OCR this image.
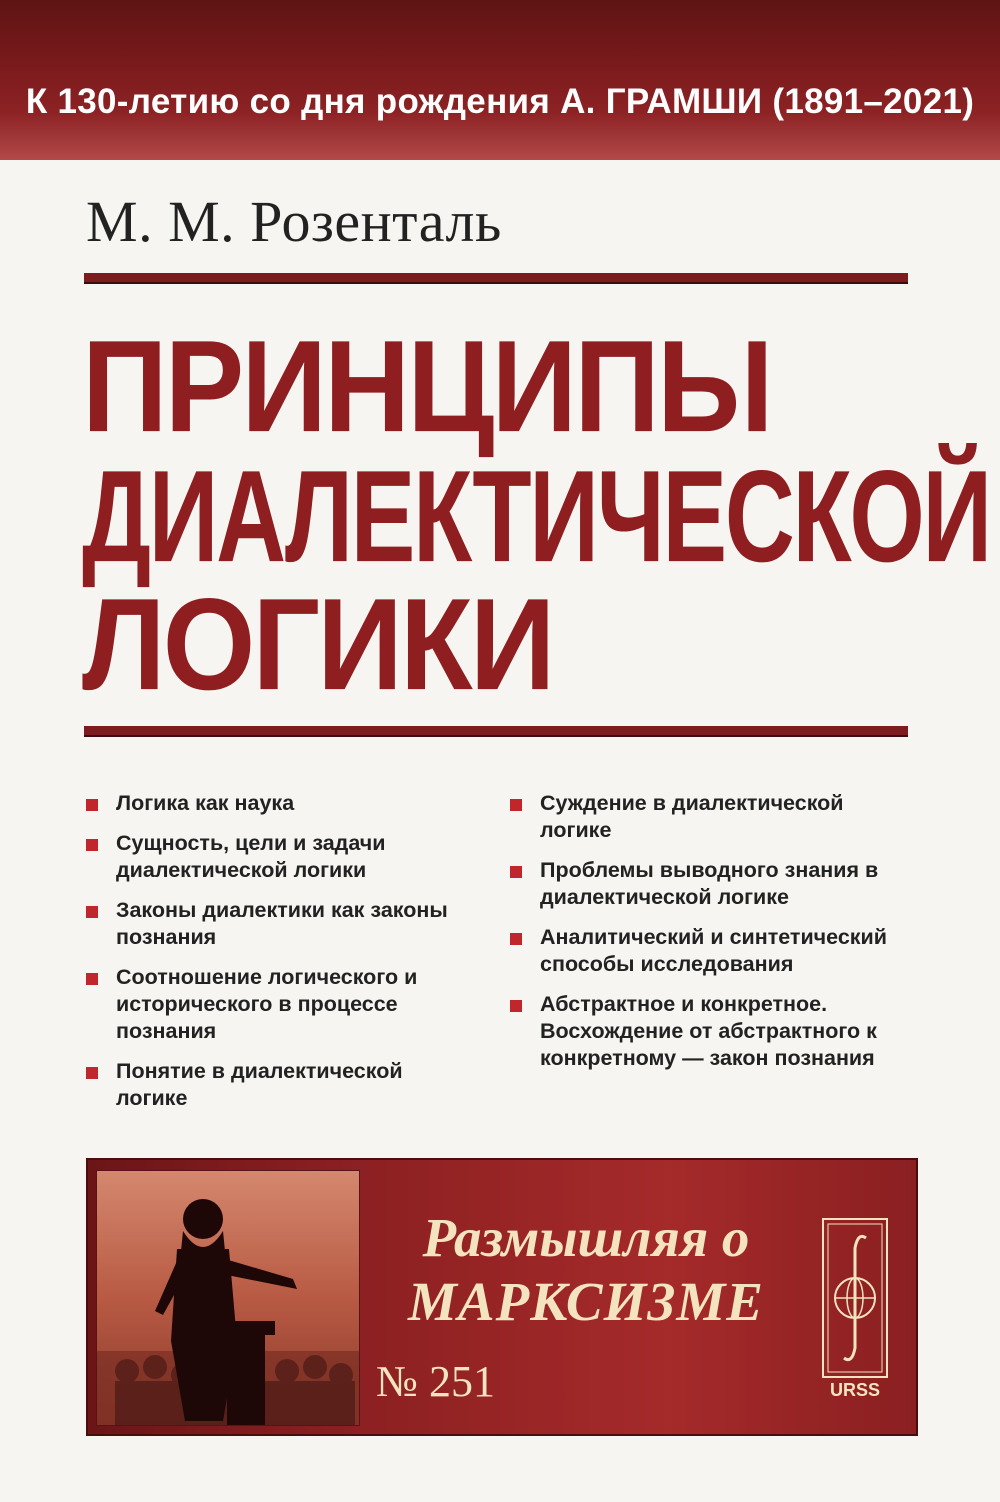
К 130-летию со дня рождения А. ГРАМШИ (1891–2021)
М. М. Розенталь
ПРИНЦИПЫ
ДИАЛЕКТИЧЕСКОЙ
ЛОГИКИ
Логика как наука
Сущность, цели и задачи диалектической логики
Законы диалектики как законы познания
Соотношение логического и исторического в процессе познания
Понятие в диалектической логике
Суждение в диалектической логике
Проблемы выводного знания в диалектической логике
Аналитический и синтетический способы исследования
Абстрактное и конкретное. Восхождение от абстрактного к конкретному — закон познания
Размышляя о
МАРКСИЗМЕ
№ 251	URSS
